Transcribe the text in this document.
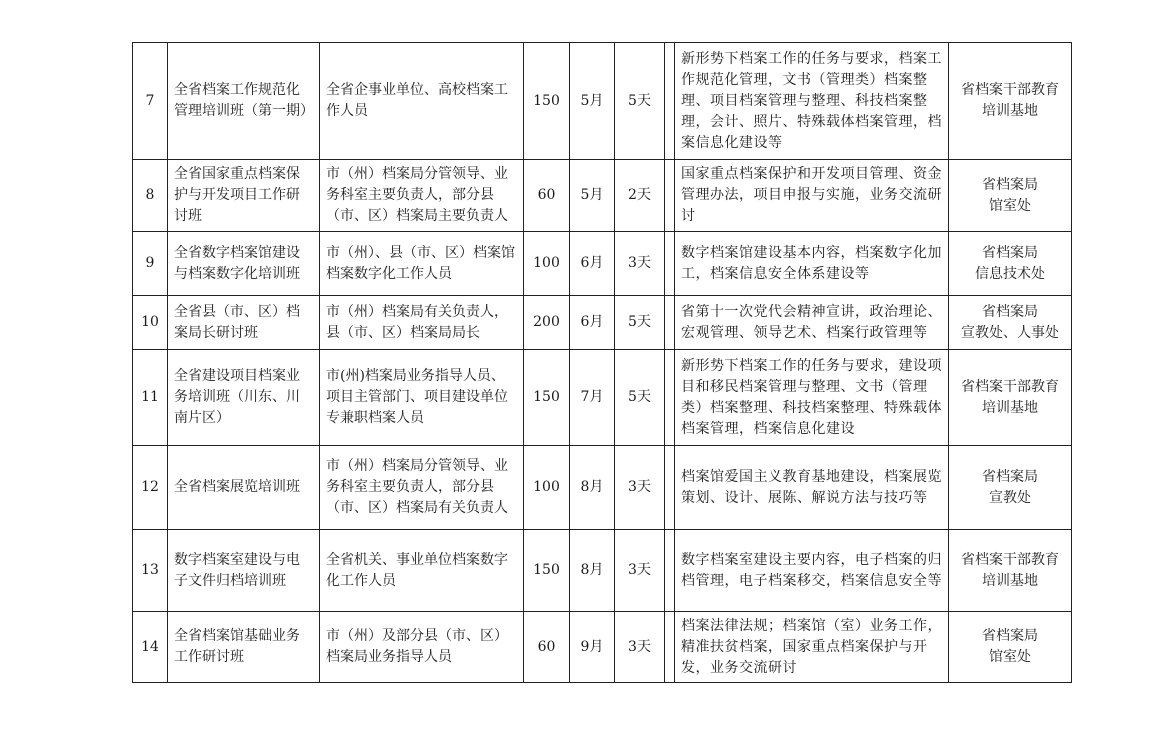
7	全省档案工作规范化管理培训班（第一期）	全省企事业单位、高校档案工作人员	150	5月	5天		新形势下档案工作的任务与要求，档案工作规范化管理，文书（管理类）档案整理、项目档案管理与整理、科技档案整理，会计、照片、特殊载体档案管理，档案信息化建设等	省档案干部教育
培训基地

8	全省国家重点档案保护与开发项目工作研讨班	市（州）档案局分管领导、业务科室主要负责人，部分县（市、区）档案局主要负责人	60	5月	2天		国家重点档案保护和开发项目管理、资金管理办法，项目申报与实施，业务交流研讨	省档案局
馆室处

9	全省数字档案馆建设与档案数字化培训班	市（州）、县（市、区）档案馆档案数字化工作人员	100	6月	3天		数字档案馆建设基本内容，档案数字化加工，档案信息安全体系建设等	省档案局
信息技术处

10	全省县（市、区）档案局长研讨班	市（州）档案局有关负责人，县（市、区）档案局局长	200	6月	5天		省第十一次党代会精神宣讲，政治理论、宏观管理、领导艺术、档案行政管理等	省档案局
宣教处、人事处

11	全省建设项目档案业务培训班（川东、川南片区）	市(州)档案局业务指导人员、项目主管部门、项目建设单位专兼职档案人员	150	7月	5天		新形势下档案工作的任务与要求，建设项目和移民档案管理与整理、文书（管理类）档案整理、科技档案整理、特殊载体档案管理，档案信息化建设	省档案干部教育
培训基地

12	全省档案展览培训班	市（州）档案局分管领导、业务科室主要负责人，部分县（市、区）档案局有关负责人	100	8月	3天		档案馆爱国主义教育基地建设，档案展览策划、设计、展陈、解说方法与技巧等	省档案局
宣教处

13	数字档案室建设与电子文件归档培训班	全省机关、事业单位档案数字化工作人员	150	8月	3天		数字档案室建设主要内容，电子档案的归档管理，电子档案移交，档案信息安全等	省档案干部教育
培训基地

14	全省档案馆基础业务工作研讨班	市（州）及部分县（市、区）档案局业务指导人员	60	9月	3天		档案法律法规；档案馆（室）业务工作，精准扶贫档案，国家重点档案保护与开发，业务交流研讨	省档案局
馆室处
